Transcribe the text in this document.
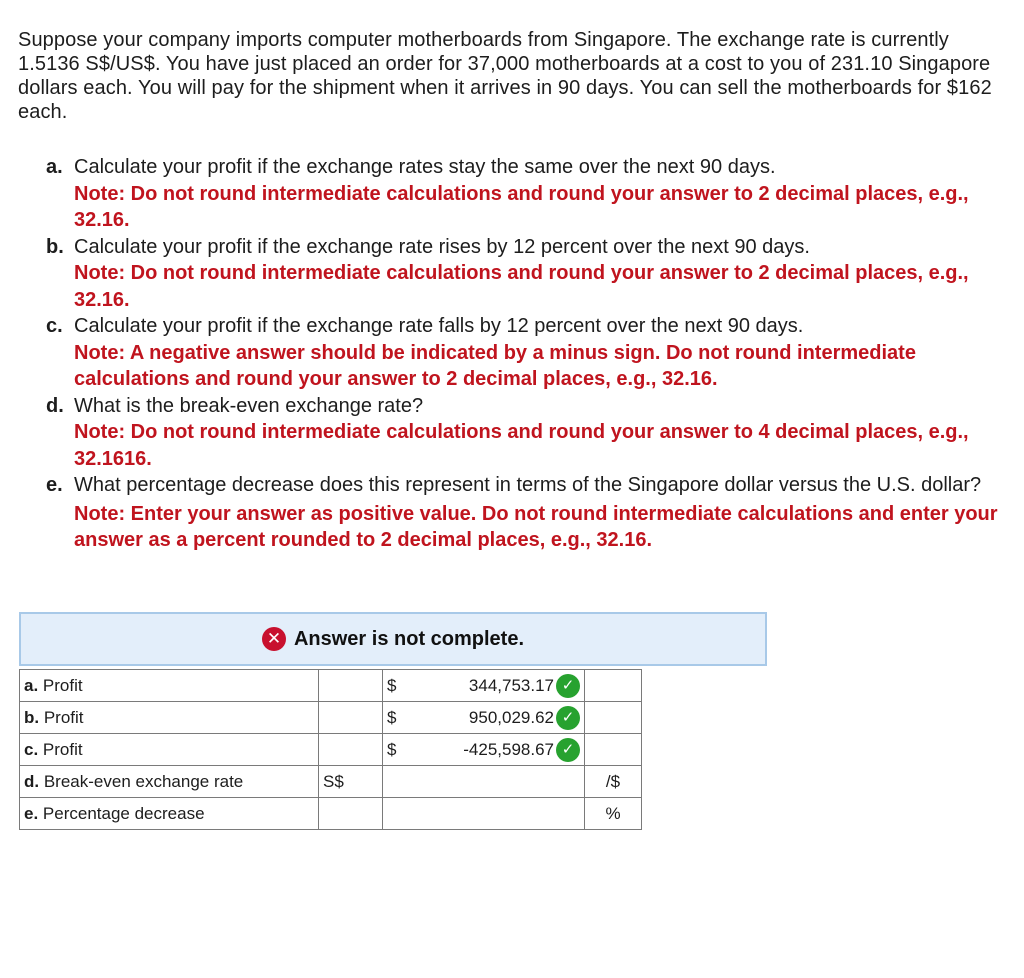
Suppose your company imports computer motherboards from Singapore. The exchange rate is currently 1.5136 S$/US$. You have just placed an order for 37,000 motherboards at a cost to you of 231.10 Singapore dollars each. You will pay for the shipment when it arrives in 90 days. You can sell the motherboards for $162 each.
a. Calculate your profit if the exchange rates stay the same over the next 90 days.
Note: Do not round intermediate calculations and round your answer to 2 decimal places, e.g., 32.16.
b. Calculate your profit if the exchange rate rises by 12 percent over the next 90 days.
Note: Do not round intermediate calculations and round your answer to 2 decimal places, e.g., 32.16.
c. Calculate your profit if the exchange rate falls by 12 percent over the next 90 days.
Note: A negative answer should be indicated by a minus sign. Do not round intermediate calculations and round your answer to 2 decimal places, e.g., 32.16.
d. What is the break-even exchange rate?
Note: Do not round intermediate calculations and round your answer to 4 decimal places, e.g., 32.1616.
e. What percentage decrease does this represent in terms of the Singapore dollar versus the U.S. dollar?
Note: Enter your answer as positive value. Do not round intermediate calculations and enter your answer as a percent rounded to 2 decimal places, e.g., 32.16.
✕ Answer is not complete.
a. Profit		$	344,753.17 ✓	

b. Profit		$	950,029.62 ✓	

c. Profit		$	-425,598.67 ✓	

d. Break-even exchange rate	S$			/$
e. Percentage decrease				%
